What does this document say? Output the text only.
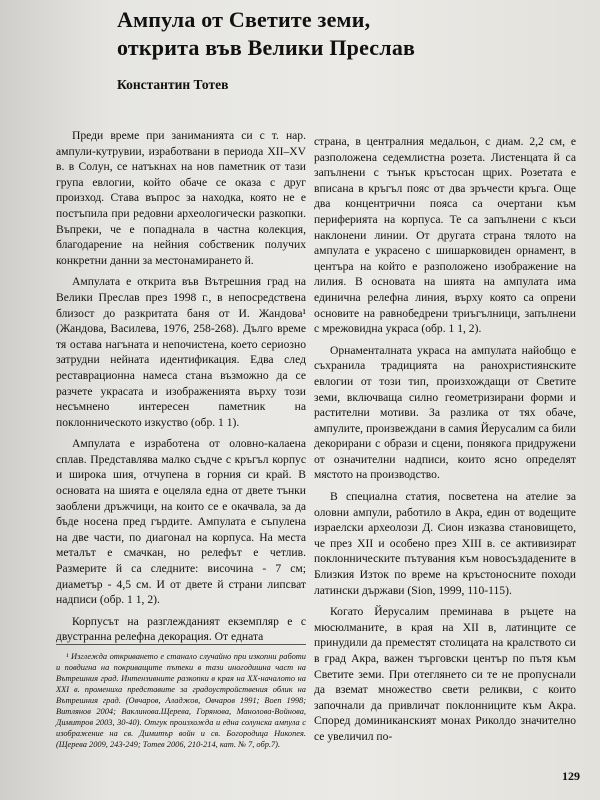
Ампула от Светите земи,
открита във Велики Преслав
Константин Тотев

Преди време при заниманията си с т. нар. ампули-кутрувии, изработвани в периода XII–XV в. в Солун, се натъкнах на нов паметник от тази група евлогии, който обаче се оказа с друг произход. Става въпрос за находка, която не е постъпила при редовни археологически разкопки. Въпреки, че е попаднала в частна колекция, благодарение на нейния собственик получих конкретни данни за местонамирането й.

Ампулата е открита във Вътрешния град на Велики Преслав през 1998 г., в непосредствена близост до разкритата баня от И. Жандова¹ (Жандова, Василева, 1976, 258-268). Дълго време тя остава нагъната и непочистена, което сериозно затрудни нейната идентификация. Едва след реставрационна намеса стана възможно да се разчете украсата и изображенията върху този несъмнено интересен паметник на поклонническото изкуство (обр. 1 1).

Ампулата е изработена от оловно-калаена сплав. Представлява малко съдче с кръгъл корпус и широка шия, отчупена в горния си край. В основата на шията е оцеляла една от двете тънки заоблени дръжчици, на които се е окачвала, за да бъде носена пред гърдите. Ампулата е съпулена на две части, по диагонал на корпуса. На места металът е смачкан, но релефът е четлив. Размерите й са следните: височина - 7 см; диаметър - 4,5 см. И от двете й страни липсват надписи (обр. 1 1, 2).

Корпусът на разглежданият екземпляр е с двустранна релефна декорация. От едната

¹ Изглежда откриването е станало случайно при изкопни работи и повдигна на покриващите пътеки в тази иногодишна част на Вътрешния град. Интензивните разкопки в края на XX-началото на XXI в. промениха представите за градоустройствения облик на Вътрешния град. (Овчаров, Аладжов, Овчаров 1991; Boen 1998; Витлянов 2004; Ваклинова.Щерева, Горянова, Манолова-Войнова, Димитров 2003, 30-40). Отгук произхожда и една солунска ампула с изображение на св. Димитър войн и св. Богородица Никопея. (Щерева 2009, 243-249; Тотев 2006, 210-214, кат. № 7, обр.7).

страна, в централния медальон, с диам. 2,2 см, е разположена седемлистна розета. Листенцата й са запълнени с тънък кръстосан щрих. Розетата е вписана в кръгъл пояс от два зръчести кръга. Още два концентрични пояса са очертани към периферията на корпуса. Те са запълнени с къси наклонени линии. От другата страна тялото на ампулата е украсено с шишарковиден орнамент, в центъра на който е разположено изображение на лилия. В основата на шията на ампулата има единична релефна линия, върху която са опрени основите на равнобедрени триъгълници, запълнени с мрежовидна украса (обр. 1 1, 2).

Орнаменталната украса на ампулата найобщо е съхранила традицията на ранохристиянските евлогии от този тип, произхождащи от Светите земи, включваща силно геометризирани форми и растителни мотиви. За разлика от тях обаче, ампулите, произвеждани в самия Йерусалим са били декорирани с образи и сцени, понякога придружени от означителни надписи, които ясно определят мястото на производство.

В специална статия, посветена на ателие за оловни ампули, работило в Акра, един от водещите израелски археолози Д. Сион изказва становището, че през XII и особено през XIII в. се активизират поклонническите пътувания към новосъздадените в Близкия Изток по време на кръстоносните походи латински държави (Sion, 1999, 110-115).

Когато Йерусалим преминава в ръцете на мюсюлманите, в края на XII в, латинците се принудили да преместят столицата на кралството си в град Акра, важен търговски център по пътя към Светите земи. При отеглянето си те не пропуснали да вземат множество свети реликви, с които започнали да привличат поклонниците към Акра. Според доминиканският монах Риколдо значително се увеличил по-

129
